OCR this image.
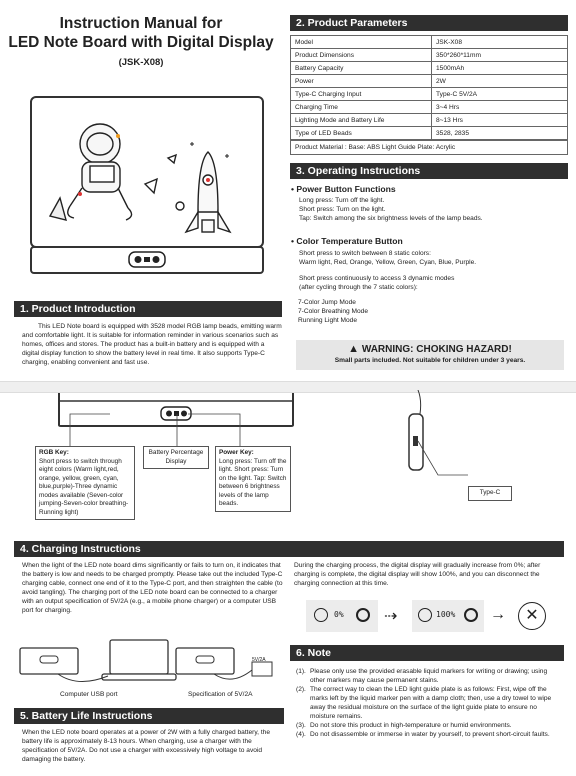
Instruction Manual for
LED Note Board with Digital Display
(JSK-X08)
1. Product Introduction
This LED Note board is equipped with 3528 model RGB lamp beads, emitting warm and comfortable light. It is suitable for information reminder in various scenarios such as homes, offices and stores. The product has a built-in battery and is equipped with a digital display function to show the battery level in real time. It also supports Type-C charging, enabling convenient and fast use.
2. Product Parameters
Model	JSK-X08
Product Dimensions	350*260*11mm
Battery Capacity	1500mAh
Power	2W
Type-C Charging Input	Type-C 5V/2A
Charging Time	3~4 Hrs
Lighting Mode and Battery Life	8~13 Hrs
Type of LED Beads	3528, 2835
Product Material : Base: ABS Light Guide Plate: Acrylic
3. Operating Instructions
• Power Button Functions
Long press: Turn off the light.
Short press: Turn on the light.
Tap: Switch among the six brightness levels of the lamp beads.
• Color Temperature Button
Short press to switch between 8 static colors:
Warm light, Red, Orange, Yellow, Green, Cyan, Blue, Purple.
Short press continuously to access 3 dynamic modes
(after cycling through the 7 static colors):
7-Color Jump Mode
7-Color Breathing Mode
Running Light Mode
▲ WARNING: CHOKING HAZARD!
Small parts included. Not suitable for children under 3 years.
RGB Key:
Short press to switch through eight colors (Warm light,red, orange, yellow, green, cyan, blue,purple)-Three dynamic modes available (Seven-color jumping-Seven-color breathing-Running light)
Battery Percentage Display
Power Key:
Long press: Turn off the light. Short press: Turn on the light. Tap: Switch between 6 brightness levels of the lamp beads.
Type-C
4. Charging Instructions
When the light of the LED note board dims significantly or fails to turn on, it indicates that the battery is low and needs to be charged promptly. Please take out the included Type-C charging cable, connect one end of it to the Type-C port, and then straighten the cable (to avoid tangling). The charging port of the LED note board can be connected to a charger with an output specification of 5V/2A (e.g., a mobile phone charger) or a computer USB port for charging.
During the charging process, the digital display will gradually increase from 0%; after charging is complete, the digital display will show 100%, and you can disconnect the charging connection at this time.
0%	⇢	100% →	✕
5V/2A
Computer USB port	Specification of 5V/2A
5. Battery Life Instructions
When the LED note board operates at a power of 2W with a fully charged battery, the battery life is approximately 8-13 hours. When charging, use a charger with the specification of 5V/2A. Do not use a charger with excessively high voltage to avoid damaging the battery.
6. Note
(1). Please only use the provided erasable liquid markers for writing or drawing; using other markers may cause permanent stains.
(2). The correct way to clean the LED light guide plate is as follows: First, wipe off the marks left by the liquid marker pen with a damp cloth; then, use a dry towel to wipe away the residual moisture on the surface of the light guide plate to ensure no moisture remains.
(3). Do not store this product in high-temperature or humid environments.
(4). Do not disassemble or immerse in water by yourself, to prevent short-circuit faults.
